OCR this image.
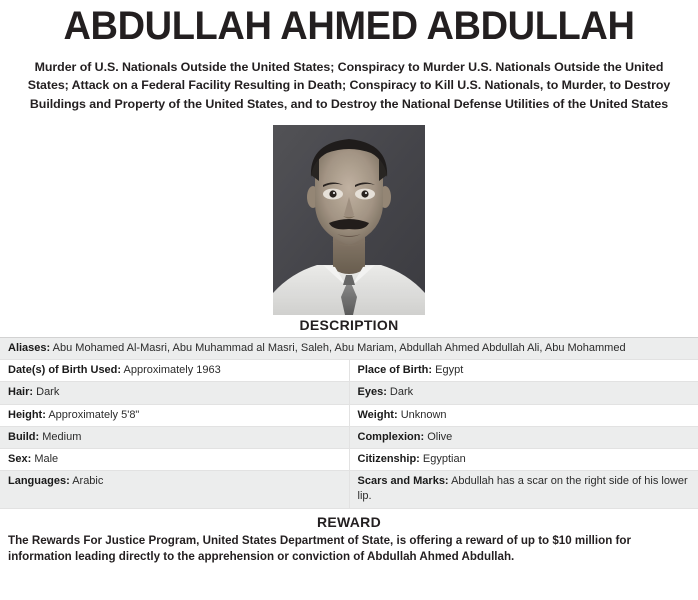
ABDULLAH AHMED ABDULLAH
Murder of U.S. Nationals Outside the United States; Conspiracy to Murder U.S. Nationals Outside the United States; Attack on a Federal Facility Resulting in Death; Conspiracy to Kill U.S. Nationals, to Murder, to Destroy Buildings and Property of the United States, and to Destroy the National Defense Utilities of the United States
DESCRIPTION
Aliases: Abu Mohamed Al-Masri, Abu Muhammad al Masri, Saleh, Abu Mariam, Abdullah Ahmed Abdullah Ali, Abu Mohammed	
Date(s) of Birth Used: Approximately 1963	Place of Birth: Egypt
Hair: Dark	Eyes: Dark
Height: Approximately 5'8"	Weight: Unknown
Build: Medium	Complexion: Olive
Sex: Male	Citizenship: Egyptian
Languages: Arabic	Scars and Marks: Abdullah has a scar on the right side of his lower lip.
REWARD
The Rewards For Justice Program, United States Department of State, is offering a reward of up to $10 million for information leading directly to the apprehension or conviction of Abdullah Ahmed Abdullah.
